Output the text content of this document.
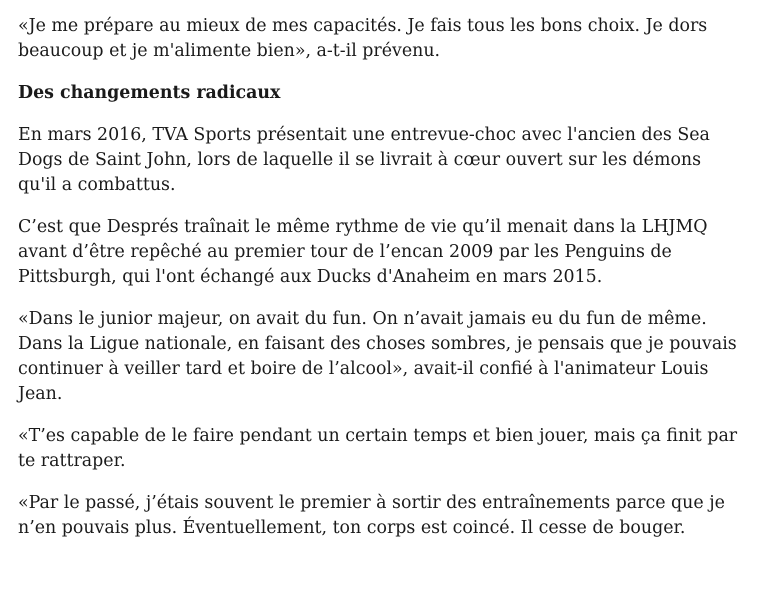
«Je me prépare au mieux de mes capacités. Je fais tous les bons choix. Je dors beaucoup et je m'alimente bien», a-t-il prévenu.

Des changements radicaux

En mars 2016, TVA Sports présentait une entrevue-choc avec l'ancien des Sea Dogs de Saint John, lors de laquelle il se livrait à cœur ouvert sur les démons qu'il a combattus.

C’est que Després traînait le même rythme de vie qu’il menait dans la LHJMQ avant d’être repêché au premier tour de l’encan 2009 par les Penguins de Pittsburgh, qui l'ont échangé aux Ducks d'Anaheim en mars 2015.

«Dans le junior majeur, on avait du fun. On n’avait jamais eu du fun de même. Dans la Ligue nationale, en faisant des choses sombres, je pensais que je pouvais continuer à veiller tard et boire de l’alcool», avait-il confié à l'animateur Louis Jean.

«T’es capable de le faire pendant un certain temps et bien jouer, mais ça finit par te rattraper.

«Par le passé, j’étais souvent le premier à sortir des entraînements parce que je n’en pouvais plus. Éventuellement, ton corps est coincé. Il cesse de bouger.
